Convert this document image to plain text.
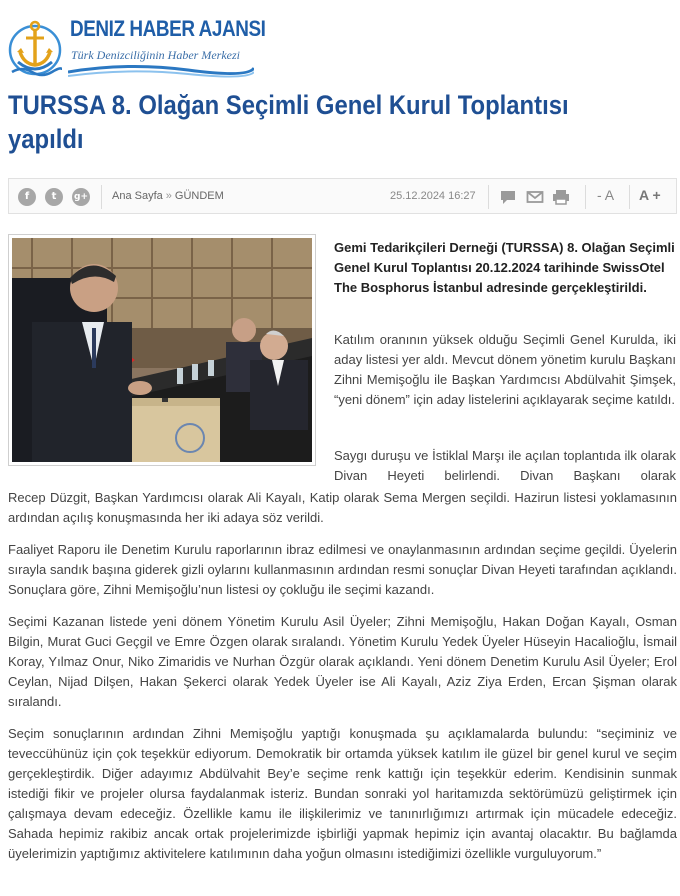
DENIZ HABER AJANSI
Türk Denizciliğinin Haber Merkezi
TURSSA 8. Olağan Seçimli Genel Kurul Toplantısı yapıldı
f	t	g+ Ana Sayfa » GÜNDEM	25.12.2024 16:27	- A A +

Gemi Tedarikçileri Derneği (TURSSA) 8. Olağan Seçimli Genel Kurul Toplantısı 20.12.2024 tarihinde SwissOtel The Bosphorus İstanbul adresinde gerçekleştirildi.

Katılım oranının yüksek olduğu Seçimli Genel Kurulda, iki aday listesi yer aldı. Mevcut dönem yönetim kurulu Başkanı Zihni Memişoğlu ile Başkan Yardımcısı Abdülvahit Şimşek, “yeni dönem” için aday listelerini açıklayarak seçime katıldı.

Saygı duruşu ve İstiklal Marşı ile açılan toplantıda ilk olarak Divan Heyeti belirlendi. Divan Başkanı olarak

Recep Düzgit, Başkan Yardımcısı olarak Ali Kayalı, Katip olarak Sema Mergen seçildi. Hazirun listesi yoklamasının ardından açılış konuşmasında her iki adaya söz verildi.

Faaliyet Raporu ile Denetim Kurulu raporlarının ibraz edilmesi ve onaylanmasının ardından seçime geçildi. Üyelerin sırayla sandık başına giderek gizli oylarını kullanmasının ardından resmi sonuçlar Divan Heyeti tarafından açıklandı. Sonuçlara göre, Zihni Memişoğlu’nun listesi oy çokluğu ile seçimi kazandı.

Seçimi Kazanan listede yeni dönem Yönetim Kurulu Asil Üyeler; Zihni Memişoğlu, Hakan Doğan Kayalı, Osman Bilgin, Murat Guci Geçgil ve Emre Özgen olarak sıralandı. Yönetim Kurulu Yedek Üyeler Hüseyin Hacalioğlu, İsmail Koray, Yılmaz Onur, Niko Zimaridis ve Nurhan Özgür olarak açıklandı. Yeni dönem Denetim Kurulu Asil Üyeler; Erol Ceylan, Nijad Dilşen, Hakan Şekerci olarak Yedek Üyeler ise Ali Kayalı, Aziz Ziya Erden, Ercan Şişman olarak sıralandı.

Seçim sonuçlarının ardından Zihni Memişoğlu yaptığı konuşmada şu açıklamalarda bulundu: “seçiminiz ve teveccühünüz için çok teşekkür ediyorum. Demokratik bir ortamda yüksek katılım ile güzel bir genel kurul ve seçim gerçekleştirdik. Diğer adayımız Abdülvahit Bey’e seçime renk kattığı için teşekkür ederim. Kendisinin sunmak istediği fikir ve projeler olursa faydalanmak isteriz. Bundan sonraki yol haritamızda sektörümüzü geliştirmek için çalışmaya devam edeceğiz. Özellikle kamu ile ilişkilerimiz ve tanınırlığımızı artırmak için mücadele edeceğiz. Sahada hepimiz rakibiz ancak ortak projelerimizde işbirliği yapmak hepimiz için avantaj olacaktır. Bu bağlamda üyelerimizin yaptığımız aktivitelere katılımının daha yoğun olmasını istediğimizi özellikle vurguluyorum.”
